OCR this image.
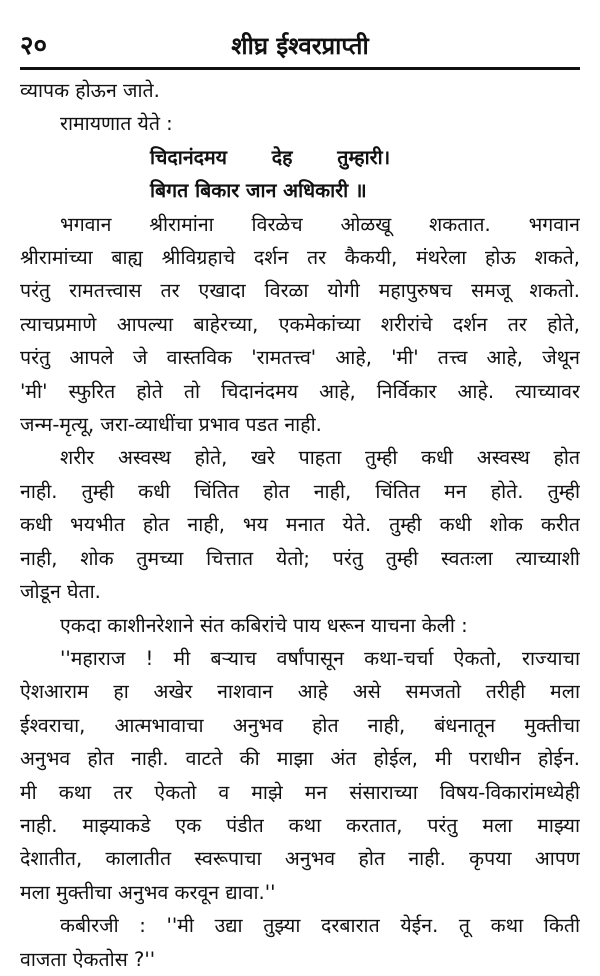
२०	शीघ्र ईश्वरप्राप्ती
व्यापक होऊन जाते.
रामायणात येते :
चिदानंदमय देह तुम्हारी।
बिगत बिकार जान अधिकारी ॥
भगवान श्रीरामांना विरळेच ओळखू शकतात. भगवान
श्रीरामांच्या बाह्य श्रीविग्रहाचे दर्शन तर कैकयी, मंथरेला होऊ शकते,
परंतु रामतत्त्वास तर एखादा विरळा योगी महापुरुषच समजू शकतो.
त्याचप्रमाणे आपल्या बाहेरच्या, एकमेकांच्या शरीरांचे दर्शन तर होते,
परंतु आपले जे वास्तविक 'रामतत्त्व' आहे, 'मी' तत्त्व आहे, जेथून
'मी' स्फुरित होते तो चिदानंदमय आहे, निर्विकार आहे. त्याच्यावर
जन्म-मृत्यू, जरा-व्याधींचा प्रभाव पडत नाही.
शरीर अस्वस्थ होते, खरे पाहता तुम्ही कधी अस्वस्थ होत
नाही. तुम्ही कधी चिंतित होत नाही, चिंतित मन होते. तुम्ही
कधी भयभीत होत नाही, भय मनात येते. तुम्ही कधी शोक करीत
नाही, शोक तुमच्या चित्तात येतो; परंतु तुम्ही स्वतःला त्याच्याशी
जोडून घेता.
एकदा काशीनरेशाने संत कबिरांचे पाय धरून याचना केली :
''महाराज ! मी बऱ्याच वर्षांपासून कथा-चर्चा ऐकतो, राज्याचा
ऐशआराम हा अखेर नाशवान आहे असे समजतो तरीही मला
ईश्वराचा, आत्मभावाचा अनुभव होत नाही, बंधनातून मुक्तीचा
अनुभव होत नाही. वाटते की माझा अंत होईल, मी पराधीन होईन.
मी कथा तर ऐकतो व माझे मन संसाराच्या विषय-विकारांमध्येही
नाही. माझ्याकडे एक पंडीत कथा करतात, परंतु मला माझ्या
देशातीत, कालातीत स्वरूपाचा अनुभव होत नाही. कृपया आपण
मला मुक्तीचा अनुभव करवून द्यावा.''
कबीरजी : ''मी उद्या तुझ्या दरबारात येईन. तू कथा किती
वाजता ऐकतोस ?''
